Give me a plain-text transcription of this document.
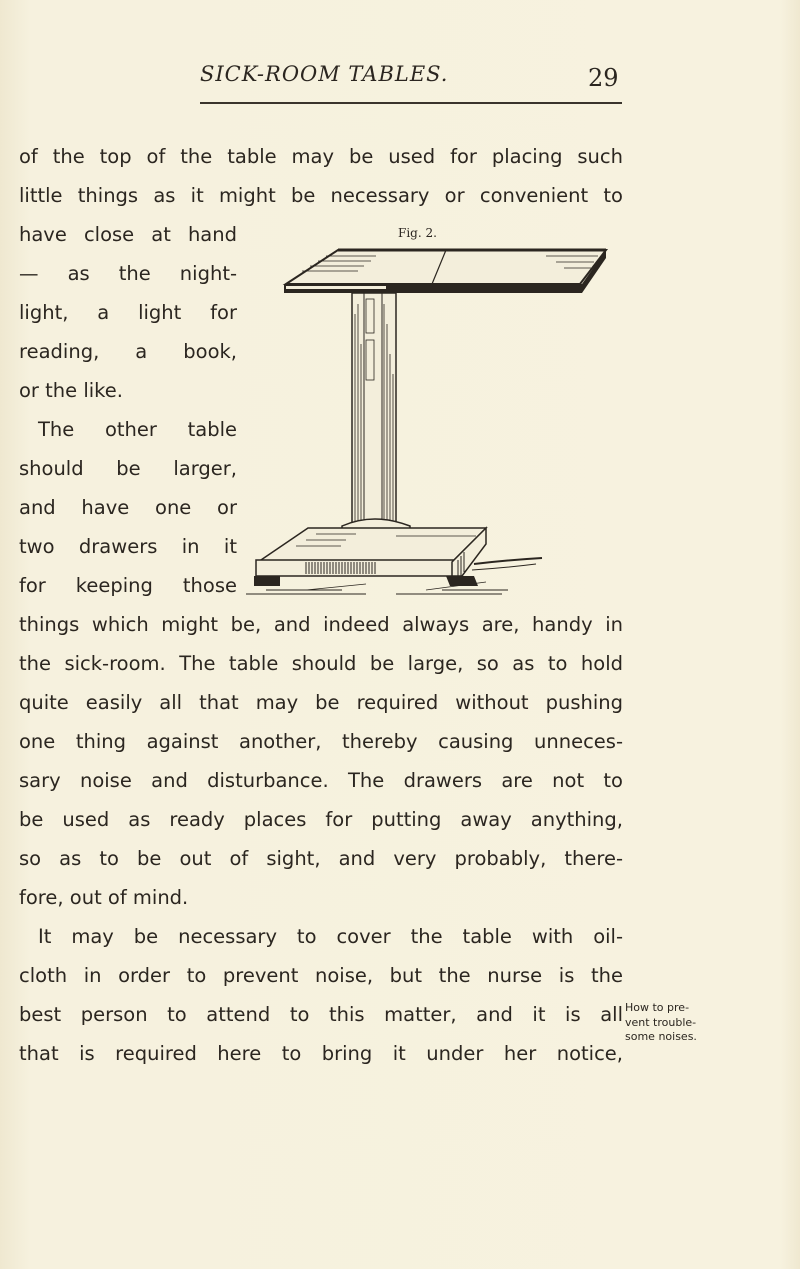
SICK-ROOM TABLES.	29
of the top of the table may be used for placing such
little things as it might be necessary or convenient to
have close at hand
— as the night-
light, a light for
reading, a book,
or the like.
The other table
should be larger,
and have one or
two drawers in it
for keeping those
things which might be, and indeed always are, handy in
the sick-room. The table should be large, so as to hold
quite easily all that may be required without pushing
one thing against another, thereby causing unneces-
sary noise and disturbance. The drawers are not to
be used as ready places for putting away anything,
so as to be out of sight, and very probably, there-
fore, out of mind.
It may be necessary to cover the table with oil-
cloth in order to prevent noise, but the nurse is the
best person to attend to this matter, and it is all
that is required here to bring it under her notice,
Fig. 2.
How to pre-
vent trouble-
some noises.
